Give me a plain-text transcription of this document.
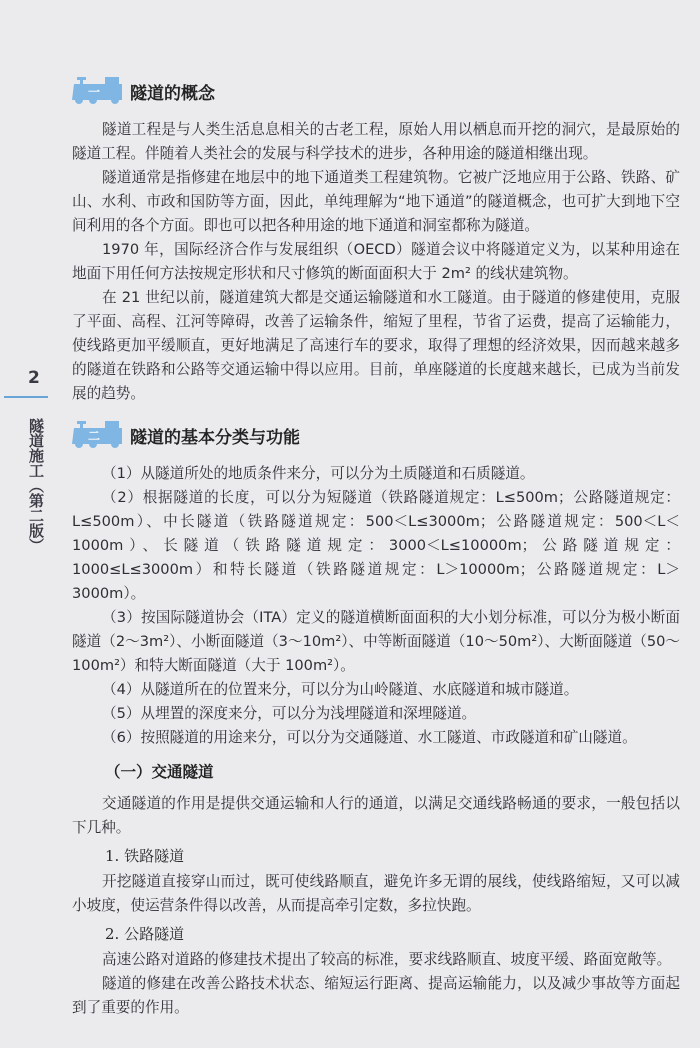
2
隧道施工（第二版）
一 隧道的概念

隧道工程是与人类生活息息相关的古老工程，原始人用以栖息而开挖的洞穴，是最原始的隧道工程。伴随着人类社会的发展与科学技术的进步，各种用途的隧道相继出现。

隧道通常是指修建在地层中的地下通道类工程建筑物。它被广泛地应用于公路、铁路、矿山、水利、市政和国防等方面，因此，单纯理解为“地下通道”的隧道概念，也可扩大到地下空间利用的各个方面。即也可以把各种用途的地下通道和洞室都称为隧道。

1970 年，国际经济合作与发展组织（OECD）隧道会议中将隧道定义为，以某种用途在地面下用任何方法按规定形状和尺寸修筑的断面面积大于 2m² 的线状建筑物。

在 21 世纪以前，隧道建筑大都是交通运输隧道和水工隧道。由于隧道的修建使用，克服了平面、高程、江河等障碍，改善了运输条件，缩短了里程，节省了运费，提高了运输能力，使线路更加平缓顺直，更好地满足了高速行车的要求，取得了理想的经济效果，因而越来越多的隧道在铁路和公路等交通运输中得以应用。目前，单座隧道的长度越来越长，已成为当前发展的趋势。

二 隧道的基本分类与功能

（1）从隧道所处的地质条件来分，可以分为土质隧道和石质隧道。

（2）根据隧道的长度，可以分为短隧道（铁路隧道规定：L≤500m；公路隧道规定：L≤500m）、中长隧道（铁路隧道规定：500＜L≤3000m；公路隧道规定：500＜L＜1000m）、长隧道（铁路隧道规定：3000＜L≤10000m；公路隧道规定：1000≤L≤3000m）和特长隧道（铁路隧道规定：L＞10000m；公路隧道规定：L＞3000m）。

（3）按国际隧道协会（ITA）定义的隧道横断面面积的大小划分标准，可以分为极小断面隧道（2～3m²）、小断面隧道（3～10m²）、中等断面隧道（10～50m²）、大断面隧道（50～100m²）和特大断面隧道（大于 100m²）。

（4）从隧道所在的位置来分，可以分为山岭隧道、水底隧道和城市隧道。

（5）从埋置的深度来分，可以分为浅埋隧道和深埋隧道。

（6）按照隧道的用途来分，可以分为交通隧道、水工隧道、市政隧道和矿山隧道。

（一）交通隧道

交通隧道的作用是提供交通运输和人行的通道，以满足交通线路畅通的要求，一般包括以下几种。

1. 铁路隧道

开挖隧道直接穿山而过，既可使线路顺直，避免许多无谓的展线，使线路缩短，又可以减小坡度，使运营条件得以改善，从而提高牵引定数，多拉快跑。

2. 公路隧道

高速公路对道路的修建技术提出了较高的标准，要求线路顺直、坡度平缓、路面宽敞等。

隧道的修建在改善公路技术状态、缩短运行距离、提高运输能力，以及减少事故等方面起到了重要的作用。
